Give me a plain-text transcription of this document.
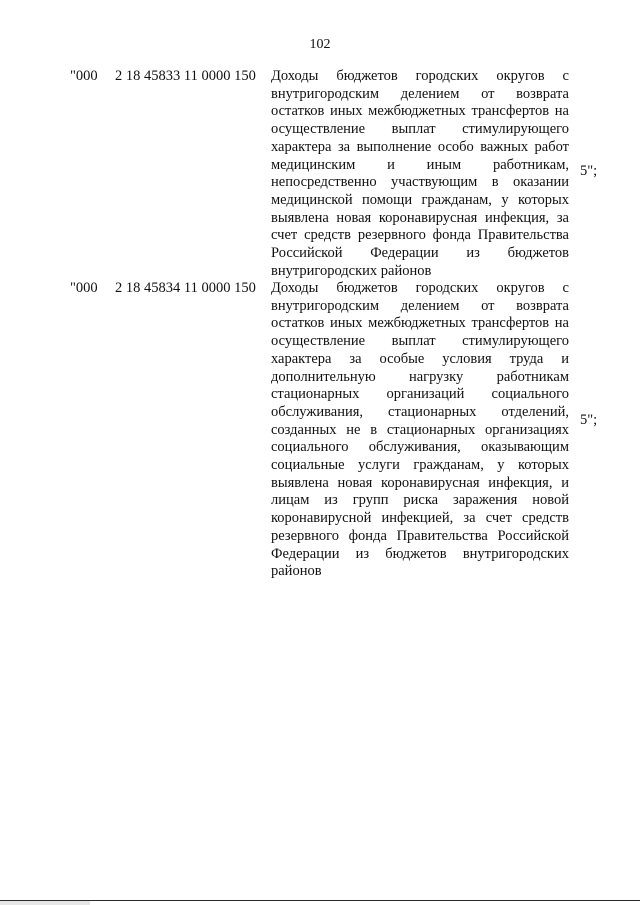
102
"000 2 18 45833 11 0000 150 Доходы бюджетов городских округов с внутригородским делением от возврата остатков иных межбюджетных трансфертов на осуществление выплат стимулирующего характера за выполнение особо важных работ медицинским и иным работникам, непосредственно участвующим в оказании медицинской помощи гражданам, у которых выявлена новая коронавирусная инфекция, за счет средств резервного фонда Правительства Российской Федерации из бюджетов внутригородских районов
5";
"000 2 18 45834 11 0000 150 Доходы бюджетов городских округов с внутригородским делением от возврата остатков иных межбюджетных трансфертов на осуществление выплат стимулирующего характера за особые условия труда и дополнительную нагрузку работникам стационарных организаций социального обслуживания, стационарных отделений, созданных не в стационарных организациях социального обслуживания, оказывающим социальные услуги гражданам, у которых выявлена новая коронавирусная инфекция, и лицам из групп риска заражения новой коронавирусной инфекцией, за счет средств резервного фонда Правительства Российской Федерации из бюджетов внутригородских районов
5";
